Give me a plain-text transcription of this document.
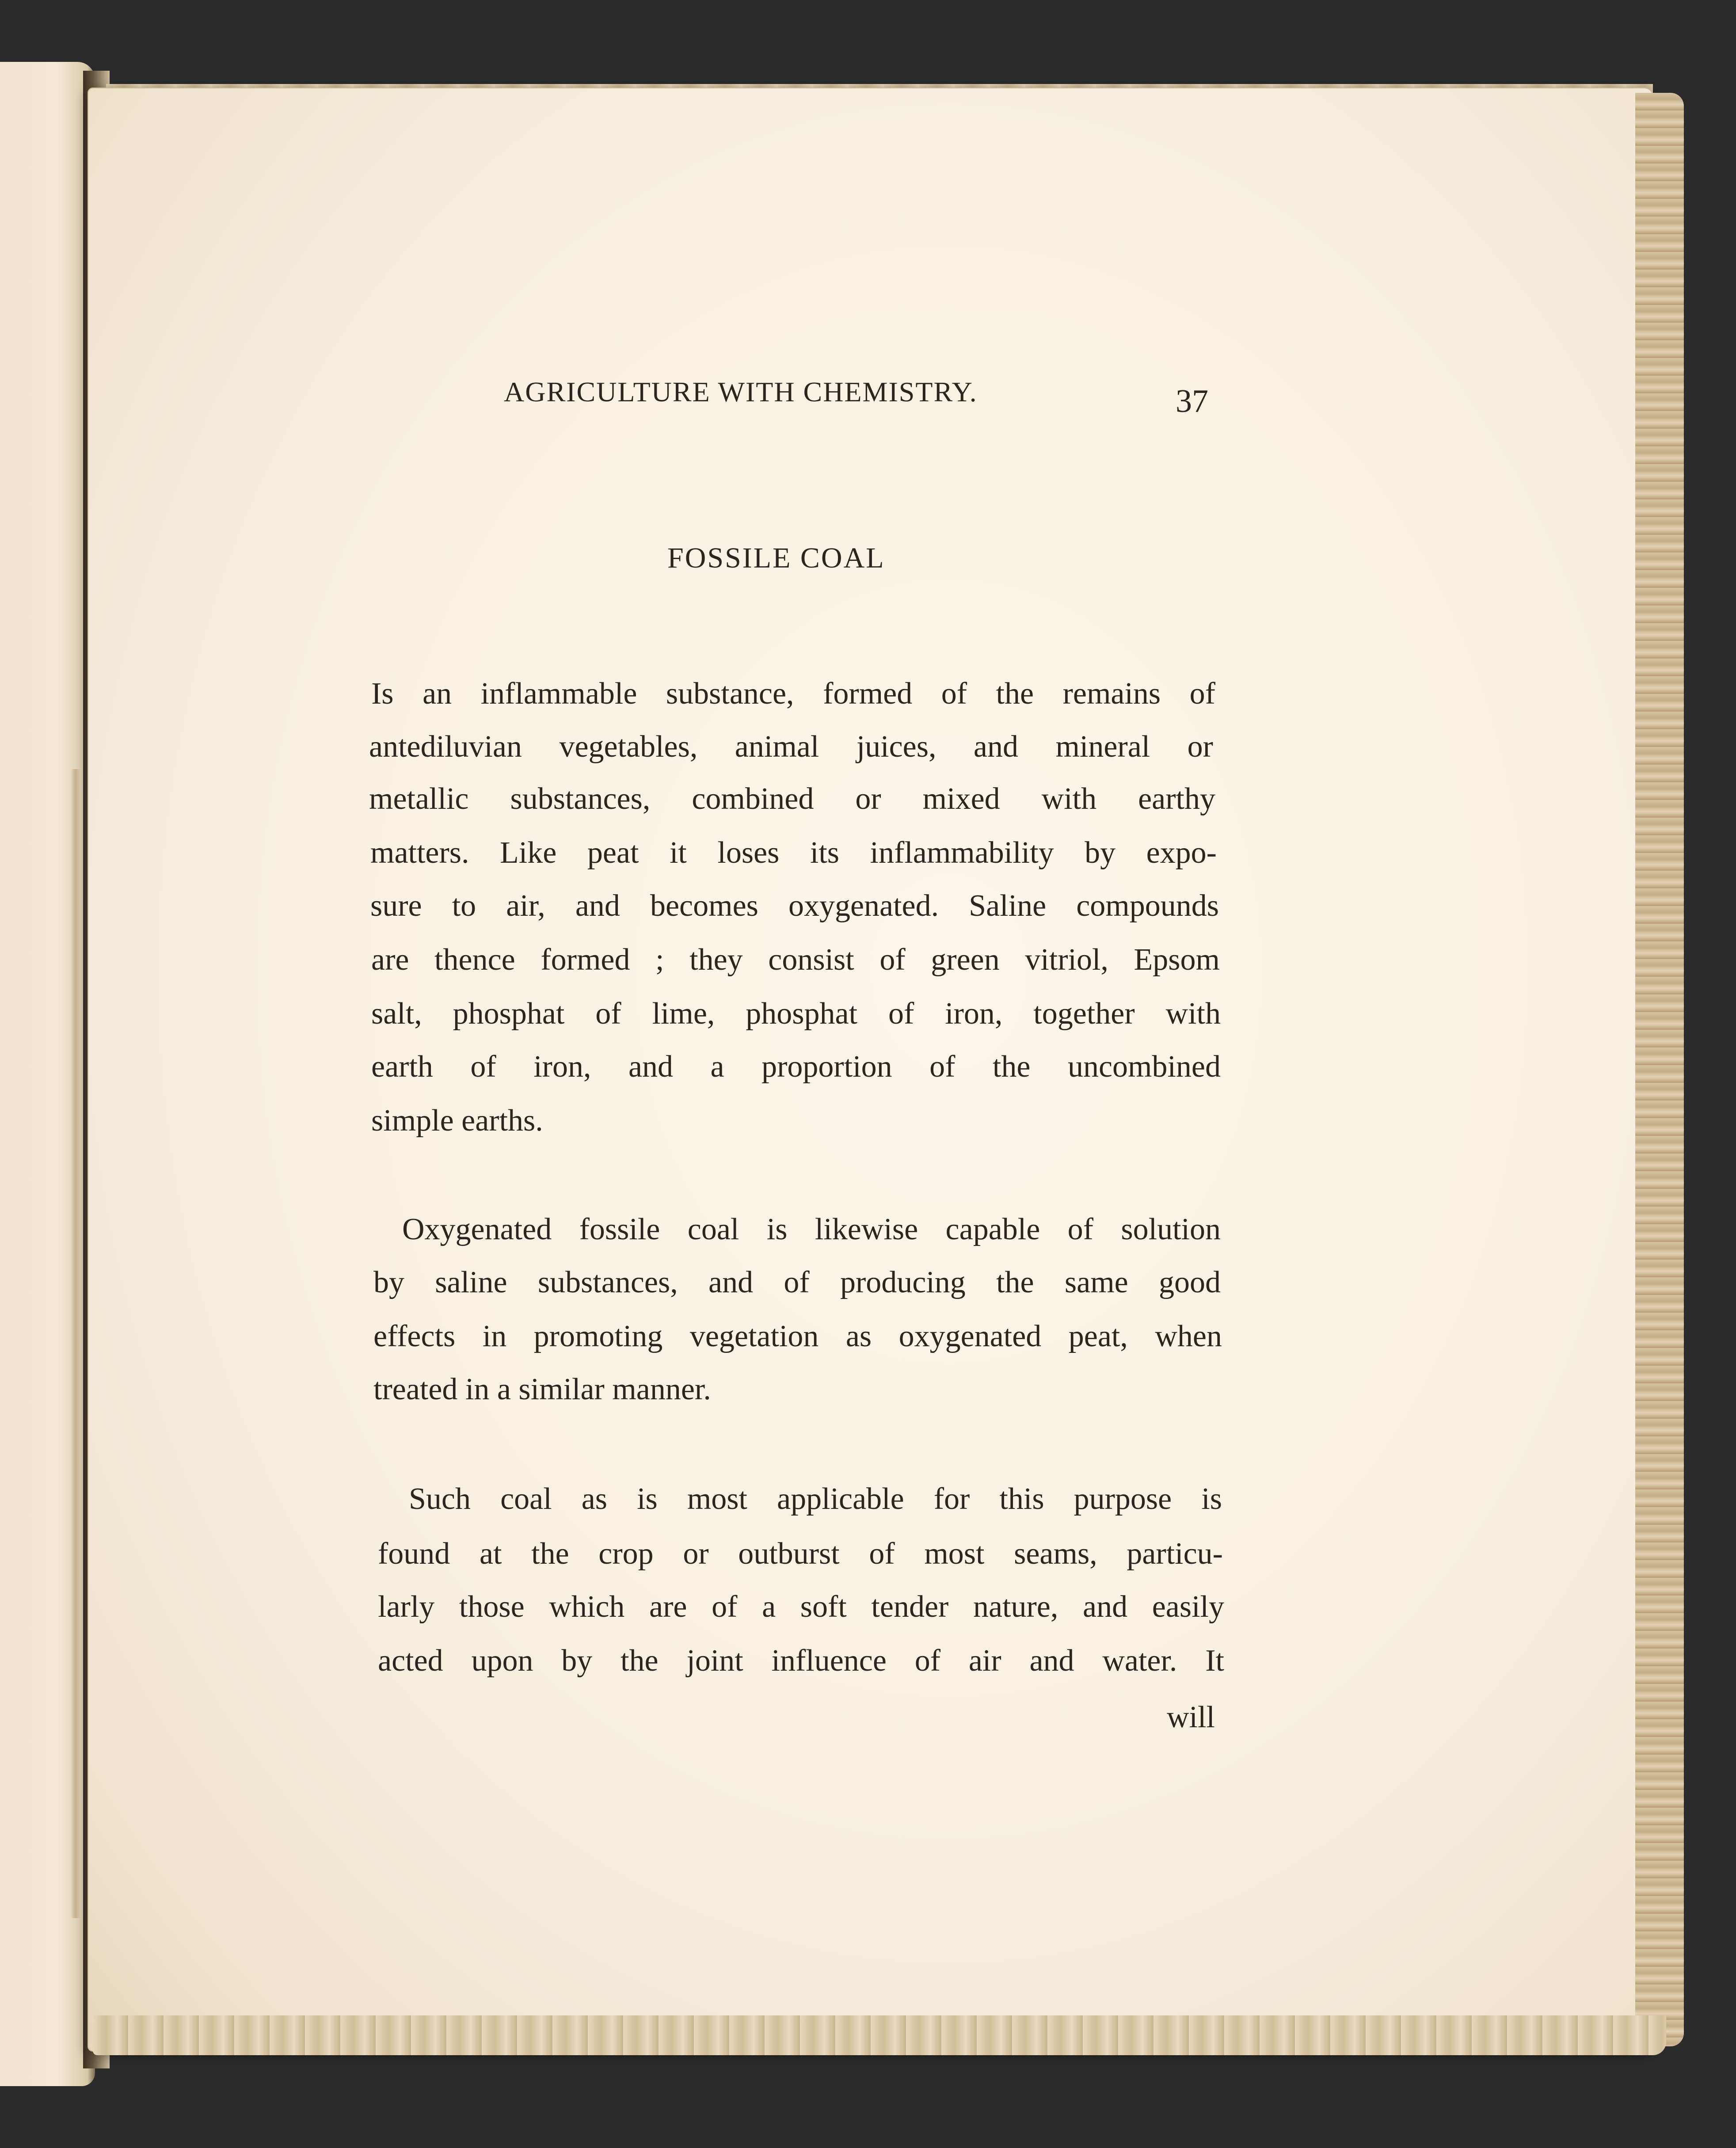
AGRICULTURE WITH CHEMISTRY.	37
FOSSILE COAL
Is an inflammable substance, formed of the remains of
antediluvian vegetables, animal juices, and mineral or
metallic substances, combined or mixed with earthy
matters. Like peat it loses its inflammability by expo-
sure to air, and becomes oxygenated. Saline compounds
are thence formed ; they consist of green vitriol, Epsom
salt, phosphat of lime, phosphat of iron, together with
earth of iron, and a proportion of the uncombined
simple earths.
Oxygenated fossile coal is likewise capable of solution
by saline substances, and of producing the same good
effects in promoting vegetation as oxygenated peat, when
treated in a similar manner.
Such coal as is most applicable for this purpose is
found at the crop or outburst of most seams, particu-
larly those which are of a soft tender nature, and easily
acted upon by the joint influence of air and water. It
will
